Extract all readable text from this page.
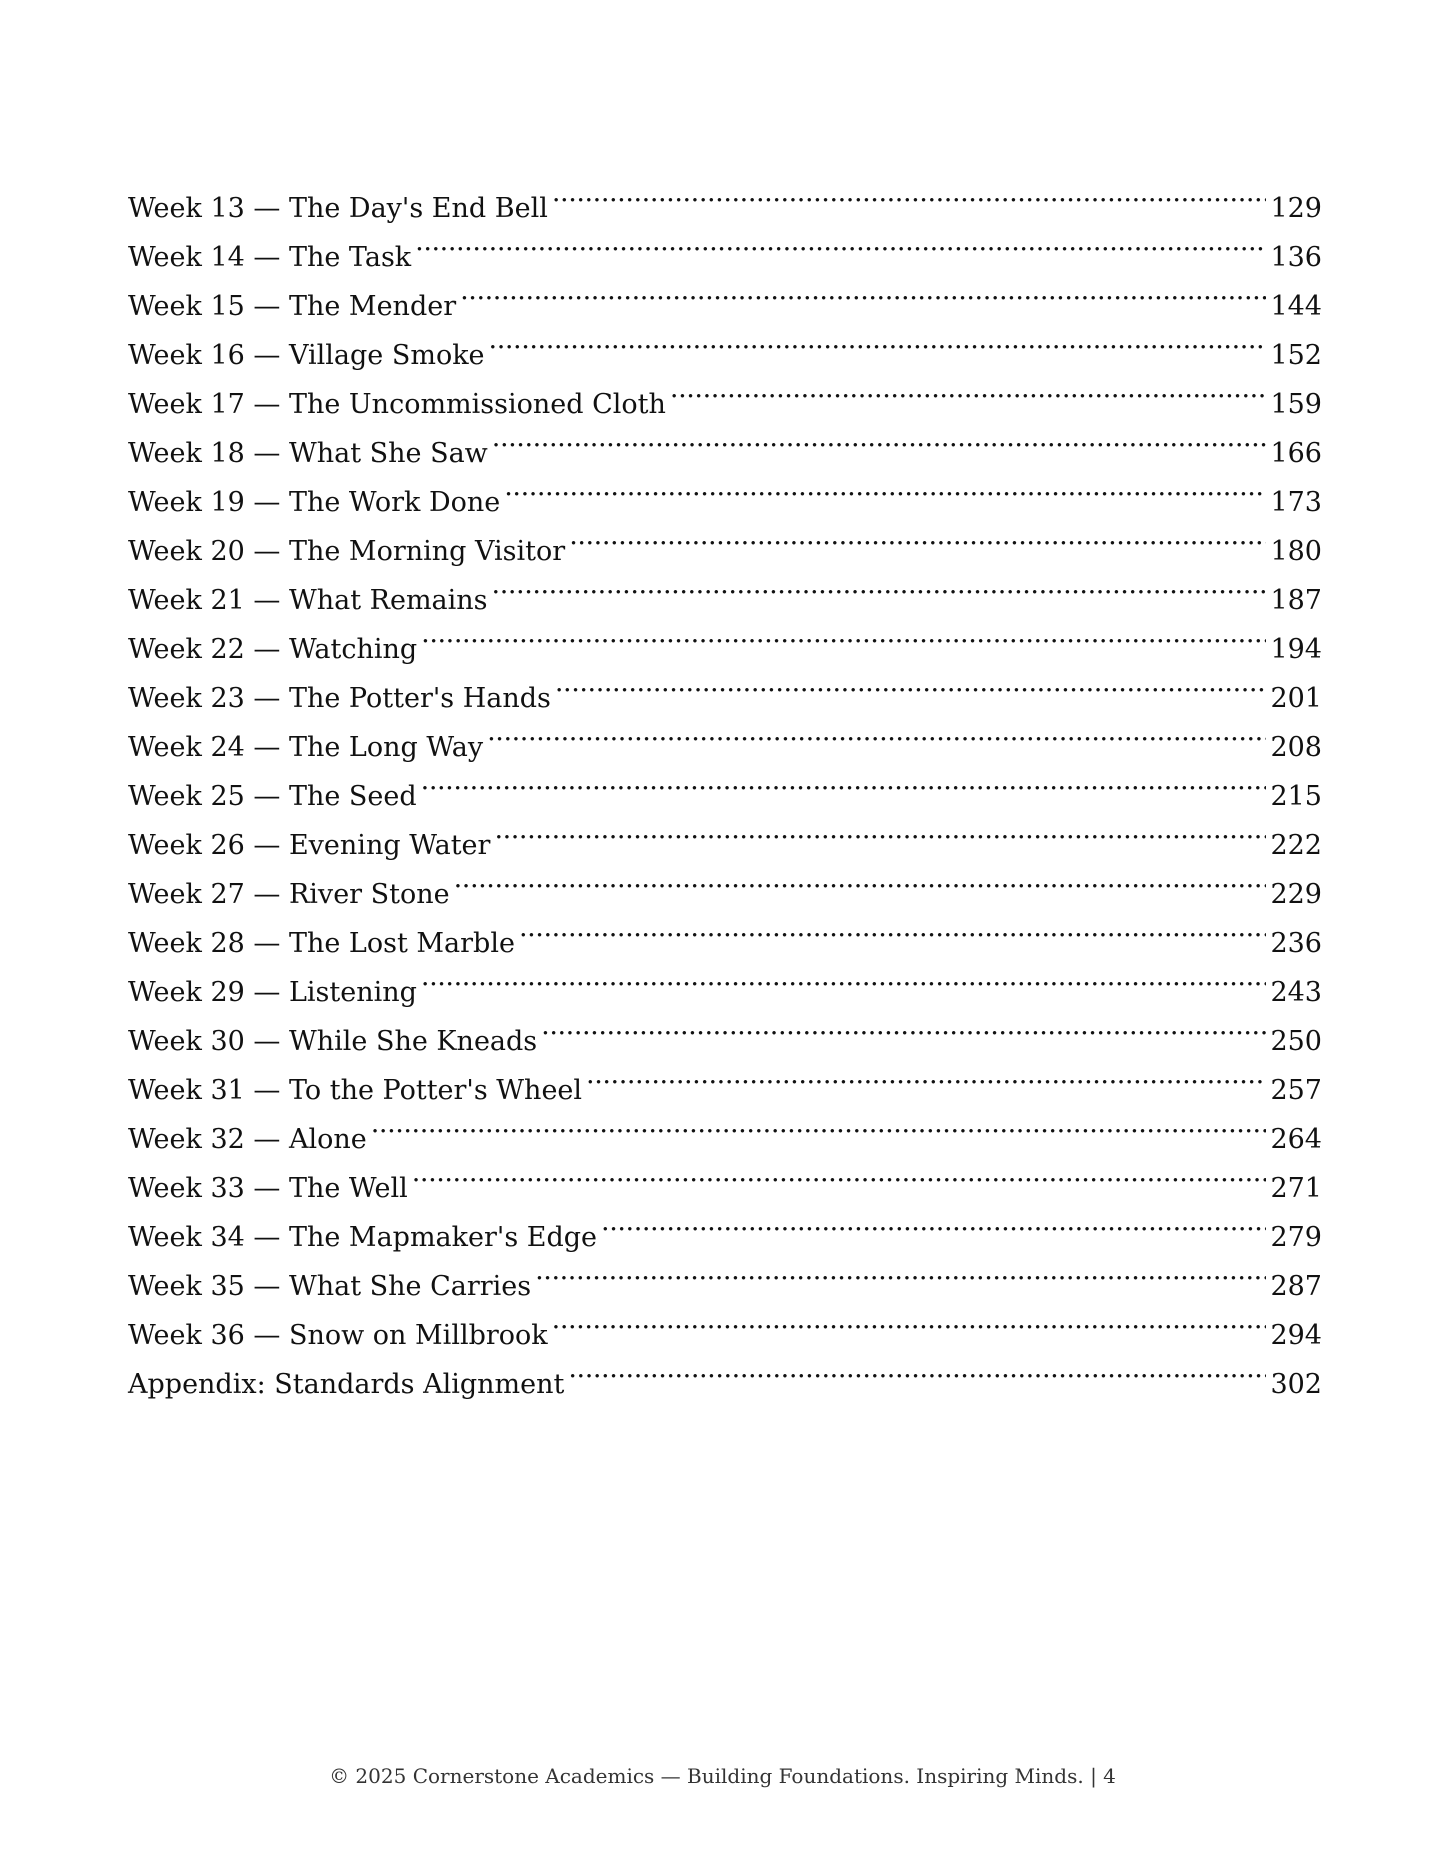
Week 13 — The Day's End Bell . . .	129
Week 14 — The Task . . .	136
Week 15 — The Mender . . .	144
Week 16 — Village Smoke . . .	152
Week 17 — The Uncommissioned Cloth . . .	159
Week 18 — What She Saw . . .	166
Week 19 — The Work Done . . .	173
Week 20 — The Morning Visitor . . .	180
Week 21 — What Remains . . .	187
Week 22 — Watching . . .	194
Week 23 — The Potter's Hands . . .	201
Week 24 — The Long Way . . .	208
Week 25 — The Seed . . .	215
Week 26 — Evening Water . . .	222
Week 27 — River Stone . . .	229
Week 28 — The Lost Marble . . .	236
Week 29 — Listening . . .	243
Week 30 — While She Kneads . . .	250
Week 31 — To the Potter's Wheel . . .	257
Week 32 — Alone . . .	264
Week 33 — The Well . . .	271
Week 34 — The Mapmaker's Edge . . .	279
Week 35 — What She Carries . . .	287
Week 36 — Snow on Millbrook . . .	294
Appendix: Standards Alignment . . .	302
© 2025 Cornerstone Academics — Building Foundations. Inspiring Minds. | 4
